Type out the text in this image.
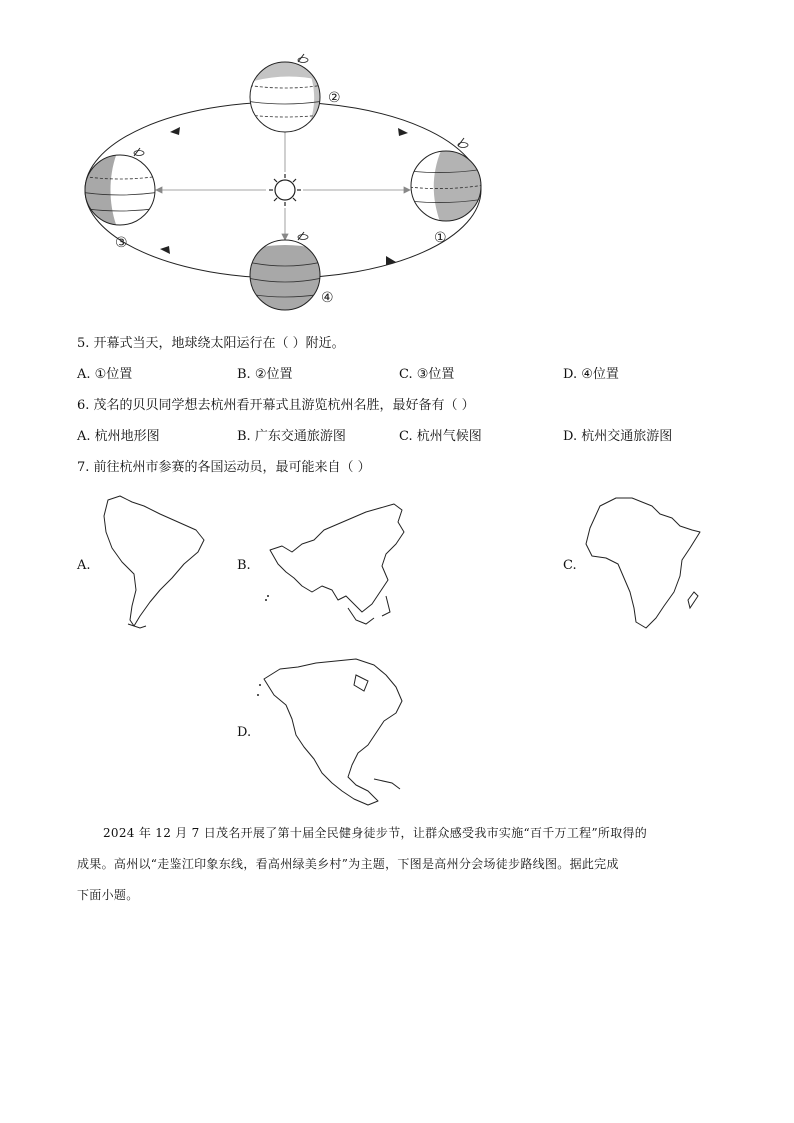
①
②
③
④
5. 开幕式当天，地球绕太阳运行在（ ）附近。
A. ①位置	B. ②位置	C. ③位置	D. ④位置
6. 茂名的贝贝同学想去杭州看开幕式且游览杭州名胜，最好备有（ ）
A. 杭州地形图	B. 广东交通旅游图	C. 杭州气候图	D. 杭州交通旅游图
7. 前往杭州市参赛的各国运动员，最可能来自（ ）
A.	B.	C.
D.
2024 年 12 月 7 日茂名开展了第十届全民健身徒步节，让群众感受我市实施“百千万工程”所取得的
成果。高州以“走鉴江印象东线，看高州绿美乡村”为主题，下图是高州分会场徒步路线图。据此完成
下面小题。
